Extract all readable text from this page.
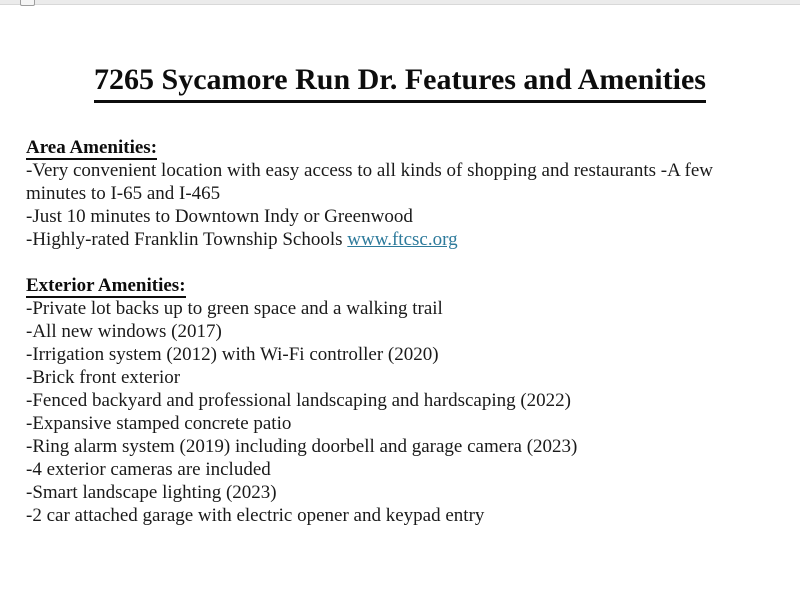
7265 Sycamore Run Dr. Features and Amenities
Area Amenities:
-Very convenient location with easy access to all kinds of shopping and restaurants -A few
minutes to I-65 and I-465
-Just 10 minutes to Downtown Indy or Greenwood
-Highly-rated Franklin Township Schools www.ftcsc.org
Exterior Amenities:
-Private lot backs up to green space and a walking trail
-All new windows (2017)
-Irrigation system (2012) with Wi-Fi controller (2020)
-Brick front exterior
-Fenced backyard and professional landscaping and hardscaping (2022)
-Expansive stamped concrete patio
-Ring alarm system (2019) including doorbell and garage camera (2023)
-4 exterior cameras are included
-Smart landscape lighting (2023)
-2 car attached garage with electric opener and keypad entry
